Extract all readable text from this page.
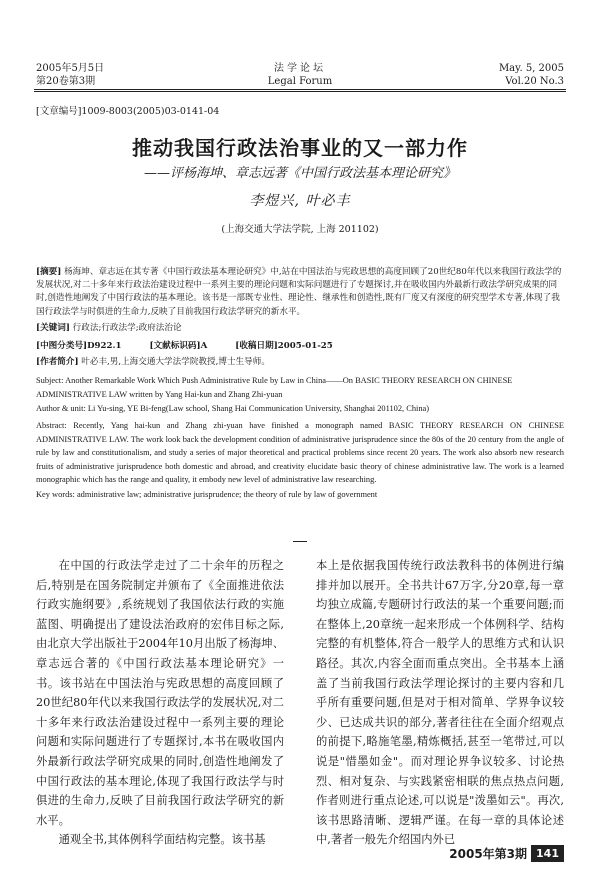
2005年5月5日
第20卷第3期
法学论坛
Legal Forum
May. 5, 2005
Vol.20 No.3
[文章编号]1009-8003(2005)03-0141-04
推动我国行政法治事业的又一部力作
——评杨海坤、章志远著《中国行政法基本理论研究》
李煜兴, 叶必丰
(上海交通大学法学院, 上海 201102)
[摘要] 杨海坤、章志远在其专著《中国行政法基本理论研究》中,站在中国法治与宪政思想的高度回顾了20世纪80年代以来我国行政法学的发展状况,对二十多年来行政法治建设过程中一系列主要的理论问题和实际问题进行了专题探讨,并在吸收国内外最新行政法学研究成果的同时,创造性地阐发了中国行政法的基本理论。该书是一部既专业性、理论性、继承性和创造性,既有厂度又有深度的研究型学术专著,体现了我国行政法学与时俱进的生命力,反映了目前我国行政法学研究的新水平。
[关键词] 行政法;行政法学;政府法治论
[中图分类号]D922.1	[文献标识码]A	[收稿日期]2005-01-25
[作者简介] 叶必丰,男,上海交通大学法学院教授,博士生导师。
Subject: Another Remarkable Work Which Push Administrative Rule by Law in China——On BASIC THEORY RESEARCH ON CHINESE ADMINISTRATIVE LAW written by Yang Hai-kun and Zhang Zhi-yuan
Author & unit: Li Yu-sing, YE Bi-feng(Law school, Shang Hai Communication University, Shanghai 201102, China)
Abstract: Recently, Yang hai-kun and Zhang zhi-yuan have finished a monograph named BASIC THEORY RESEARCH ON CHINESE ADMINISTRATIVE LAW. The work look back the development condition of administrative jurisprudence since the 80s of the 20 century from the angle of rule by law and constitutionalism, and study a series of major theoretical and practical problems since recent 20 years. The work also absorb new research fruits of administrative jurisprudence both domestic and abroad, and creativity elucidate basic theory of chinese administrative law. The work is a learned monographic which has the range and quality, it embody new level of administrative law researching.
Key words: administrative law; administrative jurisprudence; the theory of rule by law of government

在中国的行政法学走过了二十余年的历程之后,特别是在国务院制定并颁布了《全面推进依法行政实施纲要》,系统规划了我国依法行政的实施蓝图、明确提出了建设法治政府的宏伟目标之际,由北京大学出版社于2004年10月出版了杨海坤、章志远合著的《中国行政法基本理论研究》一书。该书站在中国法治与宪政思想的高度回顾了20世纪80年代以来我国行政法学的发展状况,对二十多年来行政法治建设过程中一系列主要的理论问题和实际问题进行了专题探讨,本书在吸收国内外最新行政法学研究成果的同时,创造性地阐发了中国行政法的基本理论,体现了我国行政法学与时俱进的生命力,反映了目前我国行政法学研究的新水平。

通观全书,其体例科学面结构完整。该书基

本上是依据我国传统行政法教科书的体例进行编排并加以展开。全书共计67万字,分20章,每一章均独立成篇,专题研讨行政法的某一个重要问题;而在整体上,20章统一起来形成一个体例科学、结构完整的有机整体,符合一般学人的思维方式和认识路径。其次,内容全面而重点突出。全书基本上涵盖了当前我国行政法学理论探讨的主要内容和几乎所有重要问题,但是对于相对简单、学界争议较少、已达成共识的部分,著者往往在全面介绍观点的前提下,略施笔墨,精炼概括,甚至一笔带过,可以说是"惜墨如金"。而对理论界争议较多、讨论热烈、相对复杂、与实践紧密相联的焦点热点问题,作者则进行重点论述,可以说是"泼墨如云"。再次,该书思路清晰、逻辑严谨。在每一章的具体论述中,著者一般先介绍国内外已

2005年第3期 141
